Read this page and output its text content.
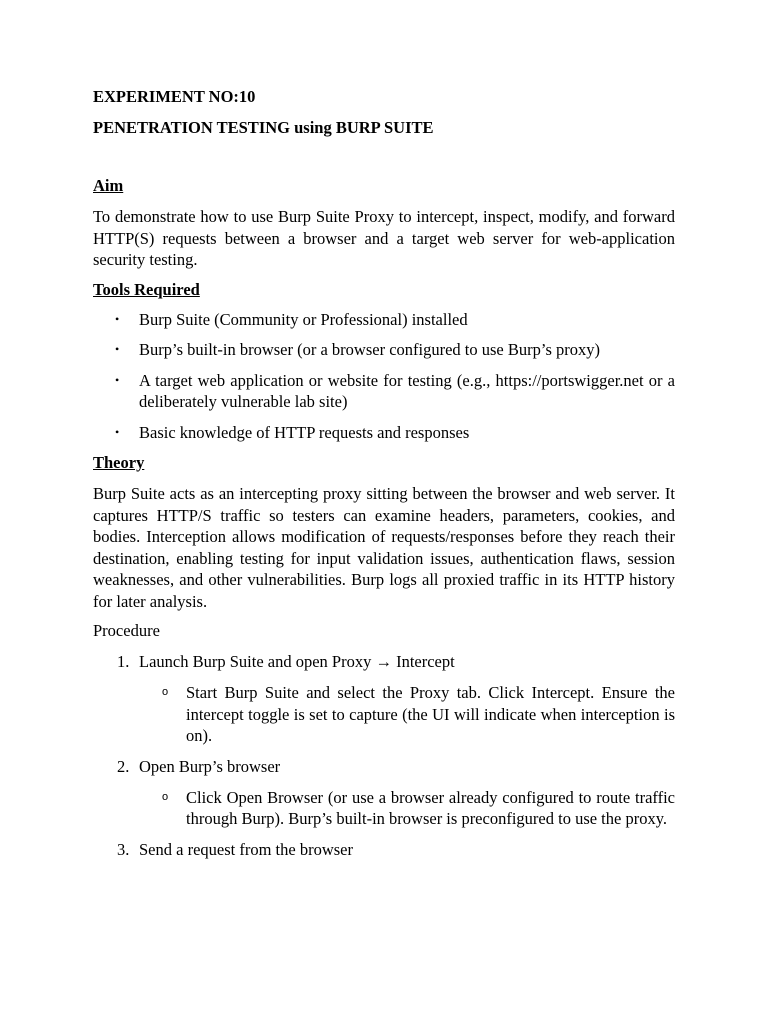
EXPERIMENT NO:10

PENETRATION TESTING using BURP SUITE

Aim

To demonstrate how to use Burp Suite Proxy to intercept, inspect, modify, and forward HTTP(S) requests between a browser and a target web server for web-application security testing.

Tools Required

• Burp Suite (Community or Professional) installed
• Burp’s built-in browser (or a browser configured to use Burp’s proxy)
• A target web application or website for testing (e.g., https://portswigger.net or a deliberately vulnerable lab site)
• Basic knowledge of HTTP requests and responses

Theory

Burp Suite acts as an intercepting proxy sitting between the browser and web server. It captures HTTP/S traffic so testers can examine headers, parameters, cookies, and bodies. Interception allows modification of requests/responses before they reach their destination, enabling testing for input validation issues, authentication flaws, session weaknesses, and other vulnerabilities. Burp logs all proxied traffic in its HTTP history for later analysis.

Procedure

1. Launch Burp Suite and open Proxy → Intercept
o Start Burp Suite and select the Proxy tab. Click Intercept. Ensure the intercept toggle is set to capture (the UI will indicate when interception is on).
2. Open Burp’s browser
o Click Open Browser (or use a browser already configured to route traffic through Burp). Burp’s built-in browser is preconfigured to use the proxy.
3. Send a request from the browser
